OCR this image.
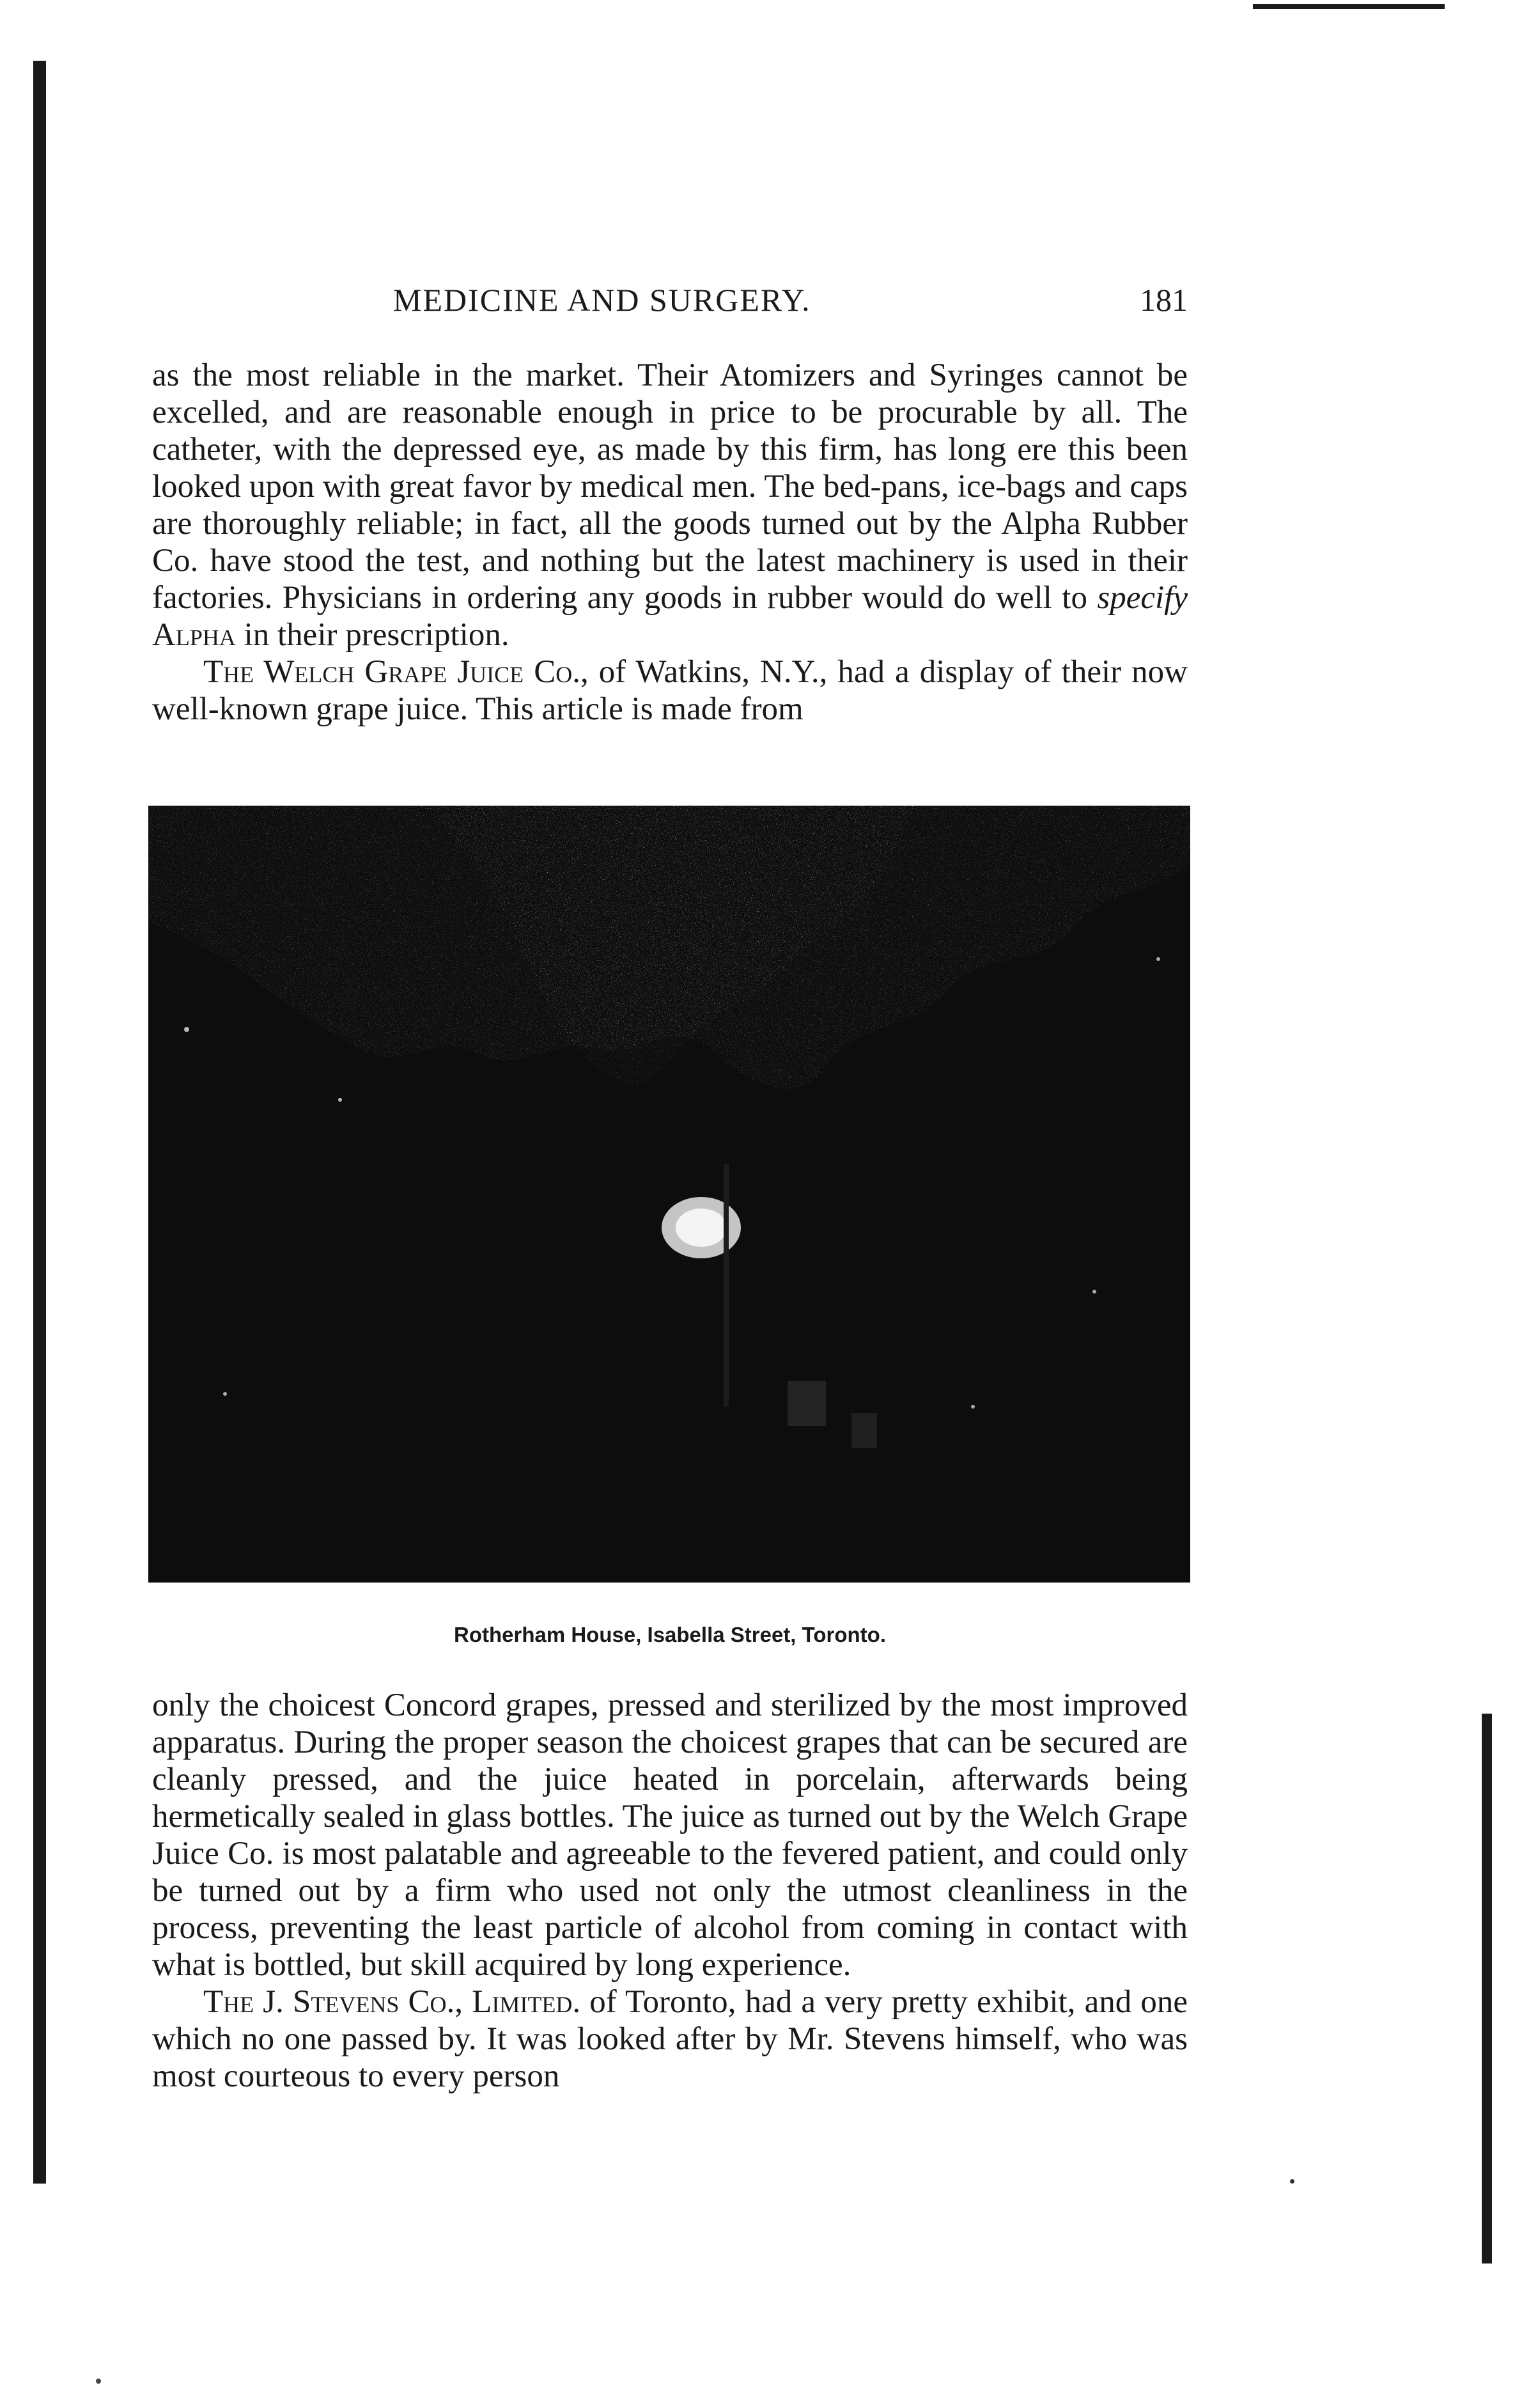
MEDICINE AND SURGERY.	181

as the most reliable in the market. Their Atomizers and Syringes cannot be excelled, and are reasonable enough in price to be procurable by all. The catheter, with the depressed eye, as made by this firm, has long ere this been looked upon with great favor by medical men. The bed-pans, ice-bags and caps are thoroughly reliable; in fact, all the goods turned out by the Alpha Rubber Co. have stood the test, and nothing but the latest machinery is used in their factories. Physicians in ordering any goods in rubber would do well to specify Alpha in their prescription.

The Welch Grape Juice Co., of Watkins, N.Y., had a display of their now well-known grape juice. This article is made from

Rotherham House, Isabella Street, Toronto.

only the choicest Concord grapes, pressed and sterilized by the most improved apparatus. During the proper season the choicest grapes that can be secured are cleanly pressed, and the juice heated in porcelain, afterwards being hermetically sealed in glass bottles. The juice as turned out by the Welch Grape Juice Co. is most palatable and agreeable to the fevered patient, and could only be turned out by a firm who used not only the utmost cleanliness in the process, preventing the least particle of alcohol from coming in contact with what is bottled, but skill acquired by long experience.

The J. Stevens Co., Limited. of Toronto, had a very pretty exhibit, and one which no one passed by. It was looked after by Mr. Stevens himself, who was most courteous to every person
